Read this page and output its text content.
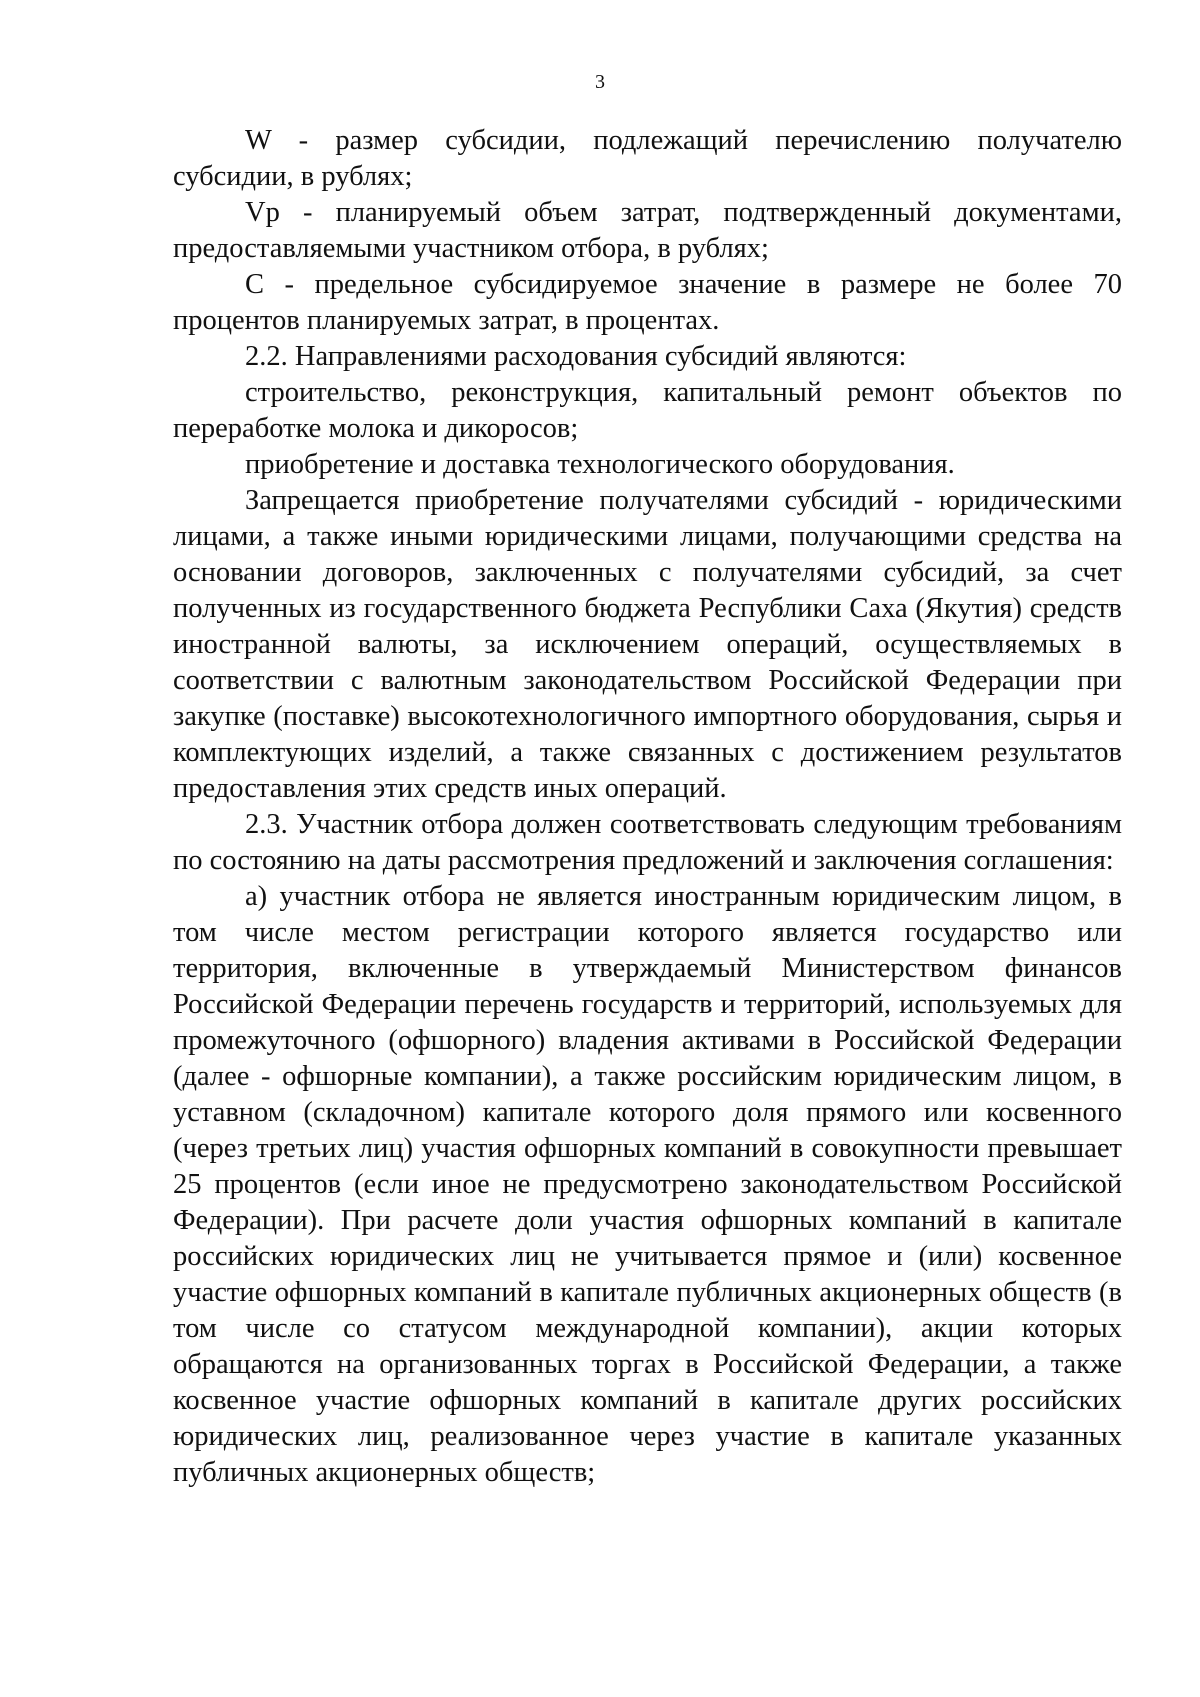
3

W - размер субсидии, подлежащий перечислению получателю субсидии, в рублях;

Vp - планируемый объем затрат, подтвержденный документами, предоставляемыми участником отбора, в рублях;

С - предельное субсидируемое значение в размере не более 70 процентов планируемых затрат, в процентах.

2.2. Направлениями расходования субсидий являются:

строительство, реконструкция, капитальный ремонт объектов по переработке молока и дикоросов;

приобретение и доставка технологического оборудования.

Запрещается приобретение получателями субсидий - юридическими лицами, а также иными юридическими лицами, получающими средства на основании договоров, заключенных с получателями субсидий, за счет полученных из государственного бюджета Республики Саха (Якутия) средств иностранной валюты, за исключением операций, осуществляемых в соответствии с валютным законодательством Российской Федерации при закупке (поставке) высокотехнологичного импортного оборудования, сырья и комплектующих изделий, а также связанных с достижением результатов предоставления этих средств иных операций.

2.3. Участник отбора должен соответствовать следующим требованиям по состоянию на даты рассмотрения предложений и заключения соглашения:

а) участник отбора не является иностранным юридическим лицом, в том числе местом регистрации которого является государство или территория, включенные в утверждаемый Министерством финансов Российской Федерации перечень государств и территорий, используемых для промежуточного (офшорного) владения активами в Российской Федерации (далее - офшорные компании), а также российским юридическим лицом, в уставном (складочном) капитале которого доля прямого или косвенного (через третьих лиц) участия офшорных компаний в совокупности превышает 25 процентов (если иное не предусмотрено законодательством Российской Федерации). При расчете доли участия офшорных компаний в капитале российских юридических лиц не учитывается прямое и (или) косвенное участие офшорных компаний в капитале публичных акционерных обществ (в том числе со статусом международной компании), акции которых обращаются на организованных торгах в Российской Федерации, а также косвенное участие офшорных компаний в капитале других российских юридических лиц, реализованное через участие в капитале указанных публичных акционерных обществ;
